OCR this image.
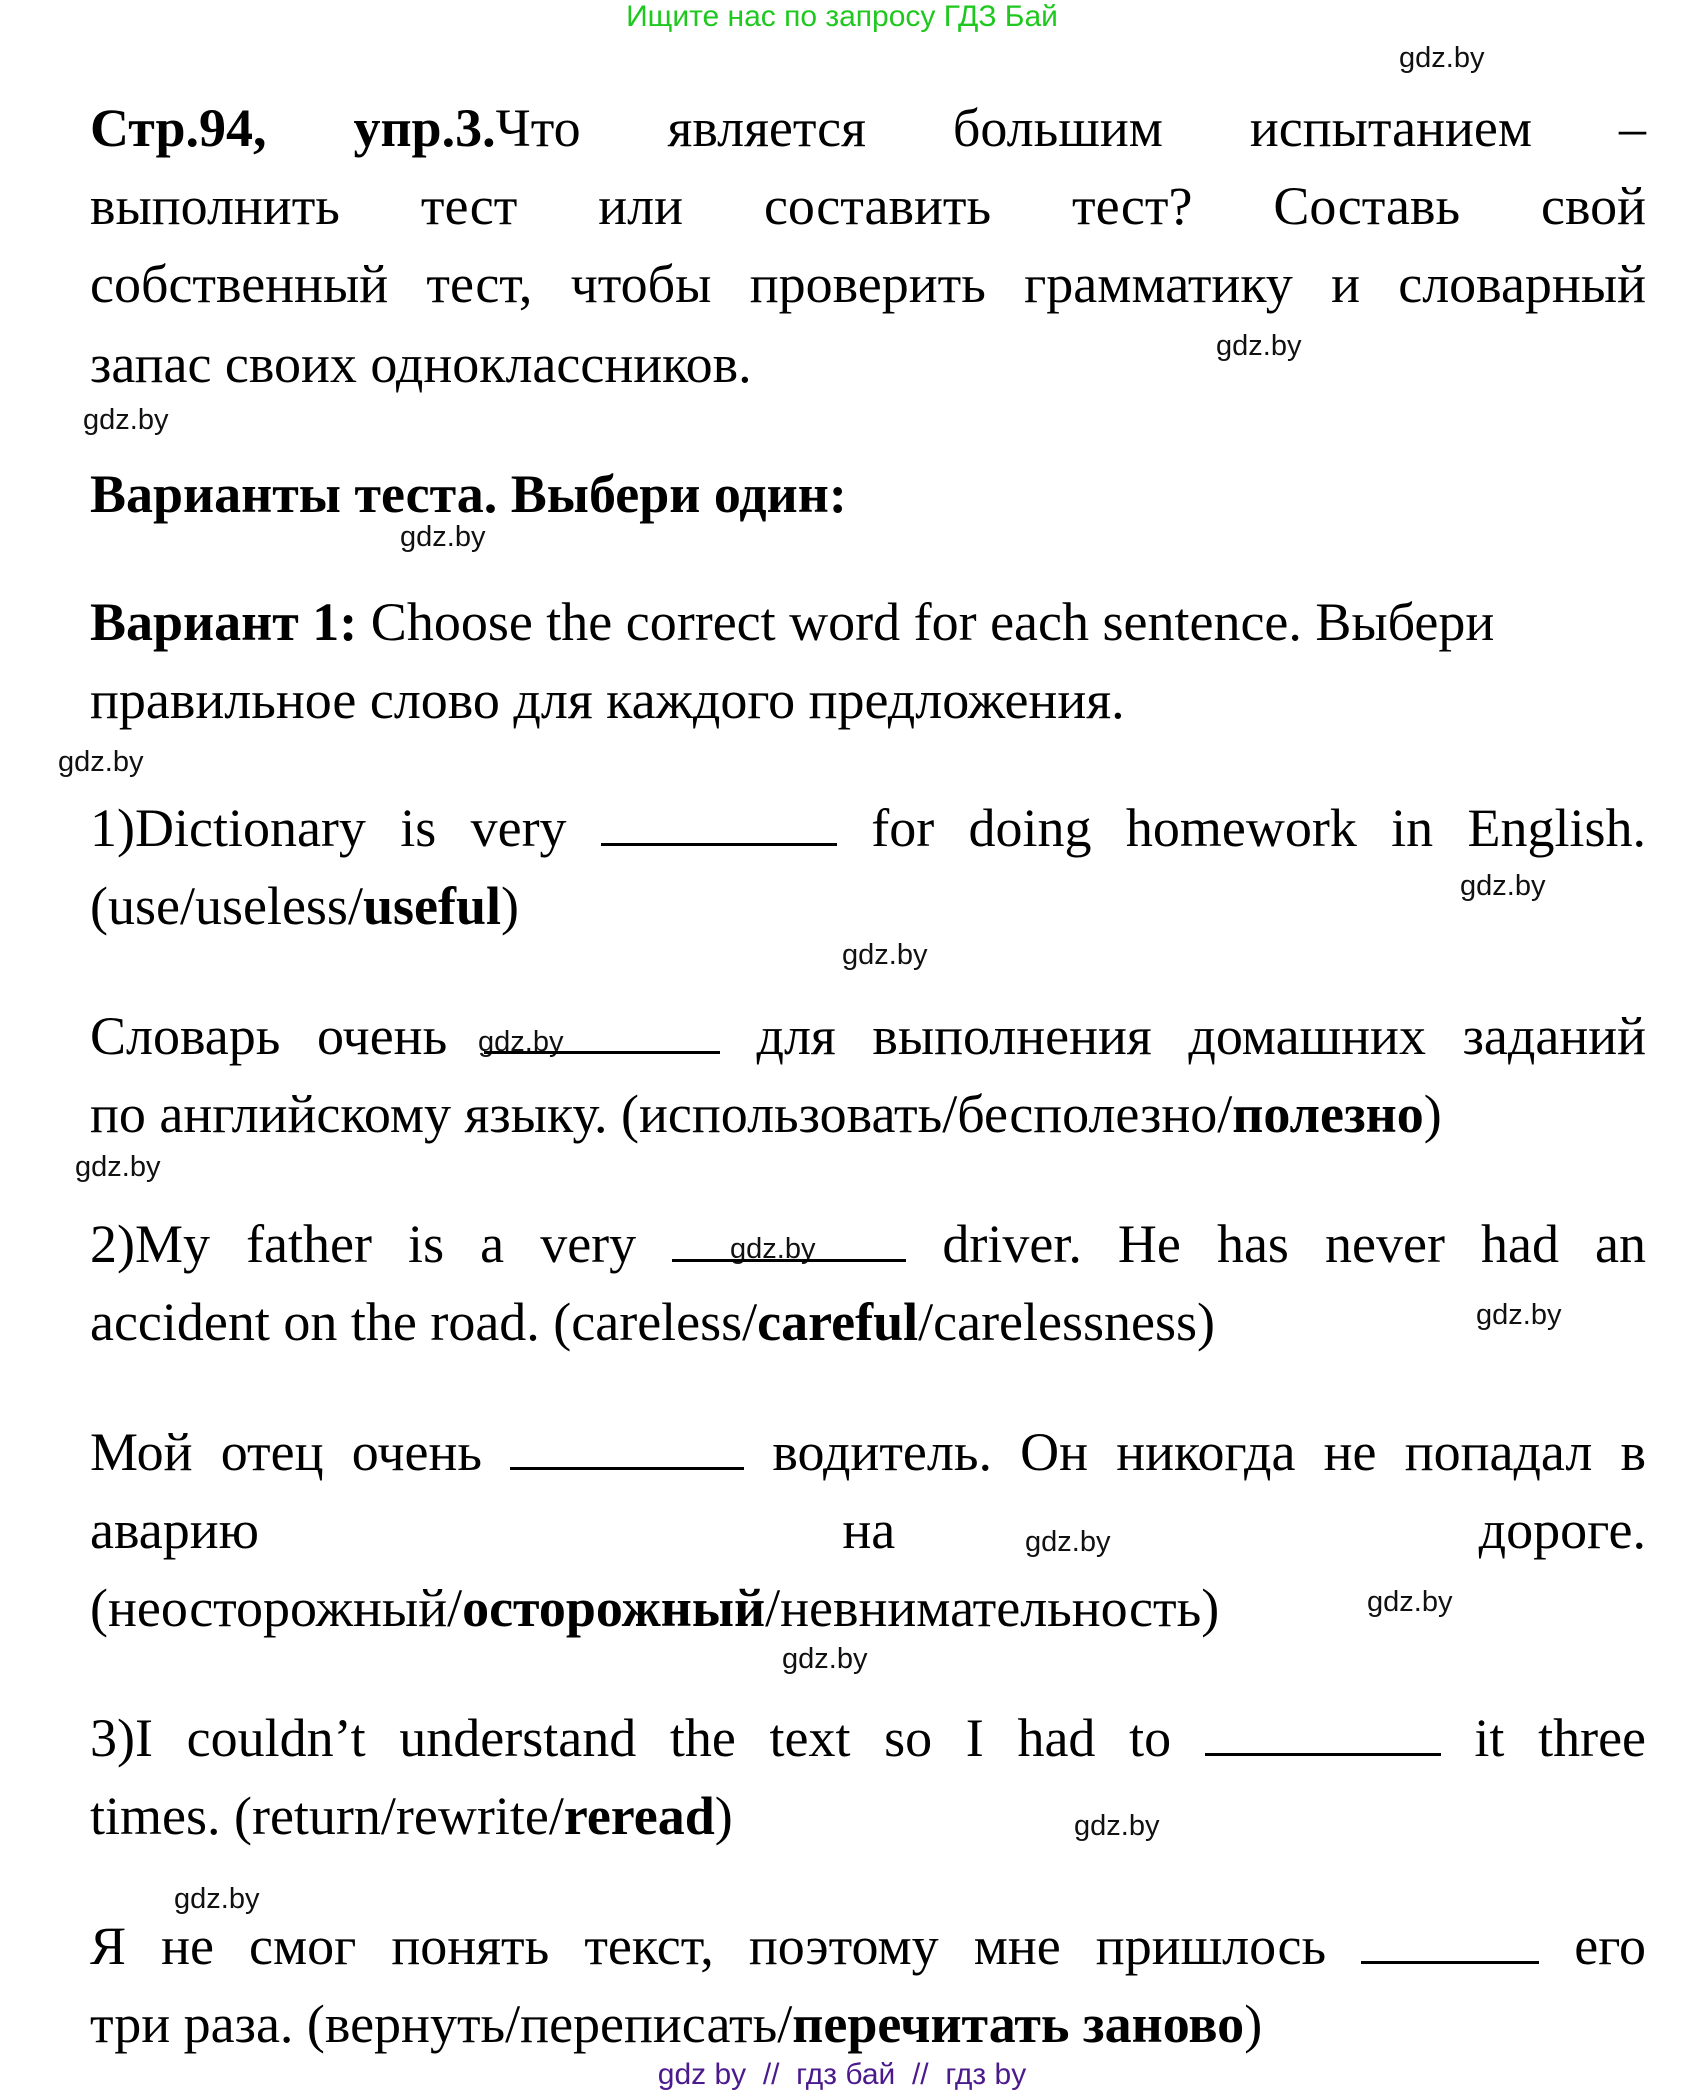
Ищите нас по запросу ГДЗ Бай
gdz.by
gdz.by
gdz.by
gdz.by
gdz.by
gdz.by
gdz.by
gdz.by
gdz.by
gdz.by
gdz.by
gdz.by
gdz.by
gdz.by
gdz.by
gdz.by
Стр.94, упр.3.Что является большим испытанием –
выполнить тест или составить тест? Составь свой
собственный тест, чтобы проверить грамматику и словарный
запас своих одноклассников.
Варианты теста. Выбери один:
Вариант 1: Choose the correct word for each sentence. Выбери
правильное слово для каждого предложения.
1)Dictionary is very	for doing homework in English.
(use/useless/useful)
Словарь очень	для выполнения домашних заданий
по английскому языку. (использовать/бесполезно/полезно)
2)My father is a very	driver. He has never had an
accident on the road. (careless/careful/carelessness)
Мой отец очень	водитель. Он никогда не попадал в
аварию	на	дороге.
(неосторожный/осторожный/невнимательность)
3)I couldn’t understand the text so I had to	it three
times. (return/rewrite/reread)
Я не смог понять текст, поэтому мне пришлось	его
три раза. (вернуть/переписать/перечитать заново)
gdz by  //  гдз бай  //  гдз by
